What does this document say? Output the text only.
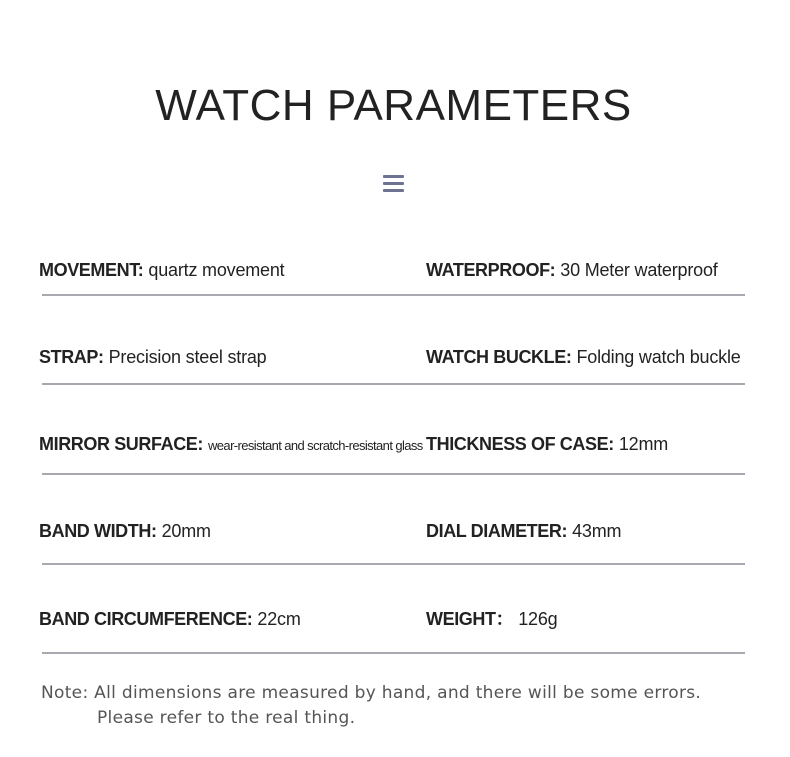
WATCH PARAMETERS
MOVEMENT: quartz movement	WATERPROOF: 30 Meter waterproof
STRAP: Precision steel strap	WATCH BUCKLE: Folding watch buckle
MIRROR SURFACE: wear-resistant and scratch-resistant glass THICKNESS OF CASE: 12mm
BAND WIDTH: 20mm	DIAL DIAMETER: 43mm
BAND CIRCUMFERENCE: 22cm	WEIGHT： 126g
Note: All dimensions are measured by hand, and there will be some errors.
Please refer to the real thing.
